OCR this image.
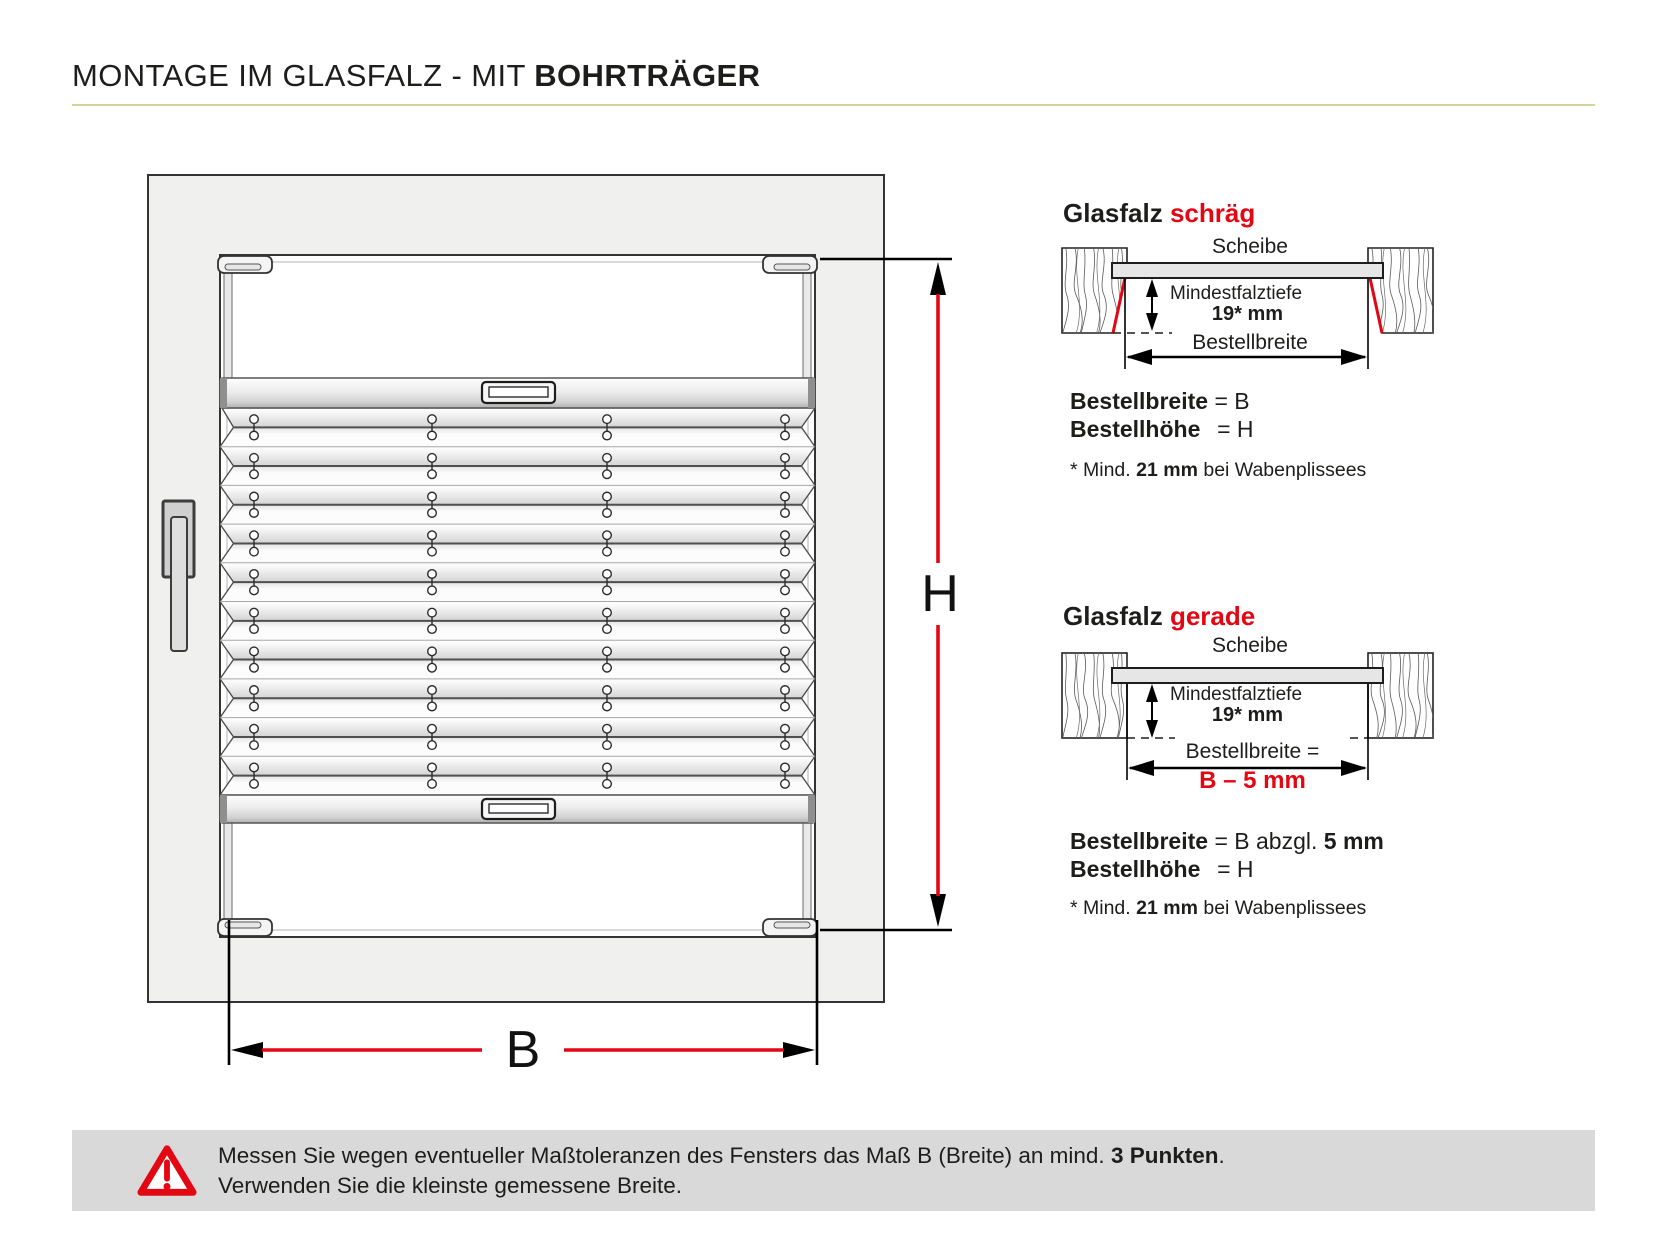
MONTAGE IM GLASFALZ - MIT BOHRTRÄGER
H
B
Glasfalz schräg
Scheibe
Mindestfalztiefe
19* mm
Bestellbreite
Bestellbreite = B
Bestellhöhe = H
* Mind. 21 mm bei Wabenplissees
Glasfalz gerade
Scheibe
Mindestfalztiefe
19* mm
Bestellbreite =
B – 5 mm
Bestellbreite = B abzgl. 5 mm
Bestellhöhe = H
* Mind. 21 mm bei Wabenplissees
Messen Sie wegen eventueller Maßtoleranzen des Fensters das Maß B (Breite) an mind. 3 Punkten.
Verwenden Sie die kleinste gemessene Breite.
